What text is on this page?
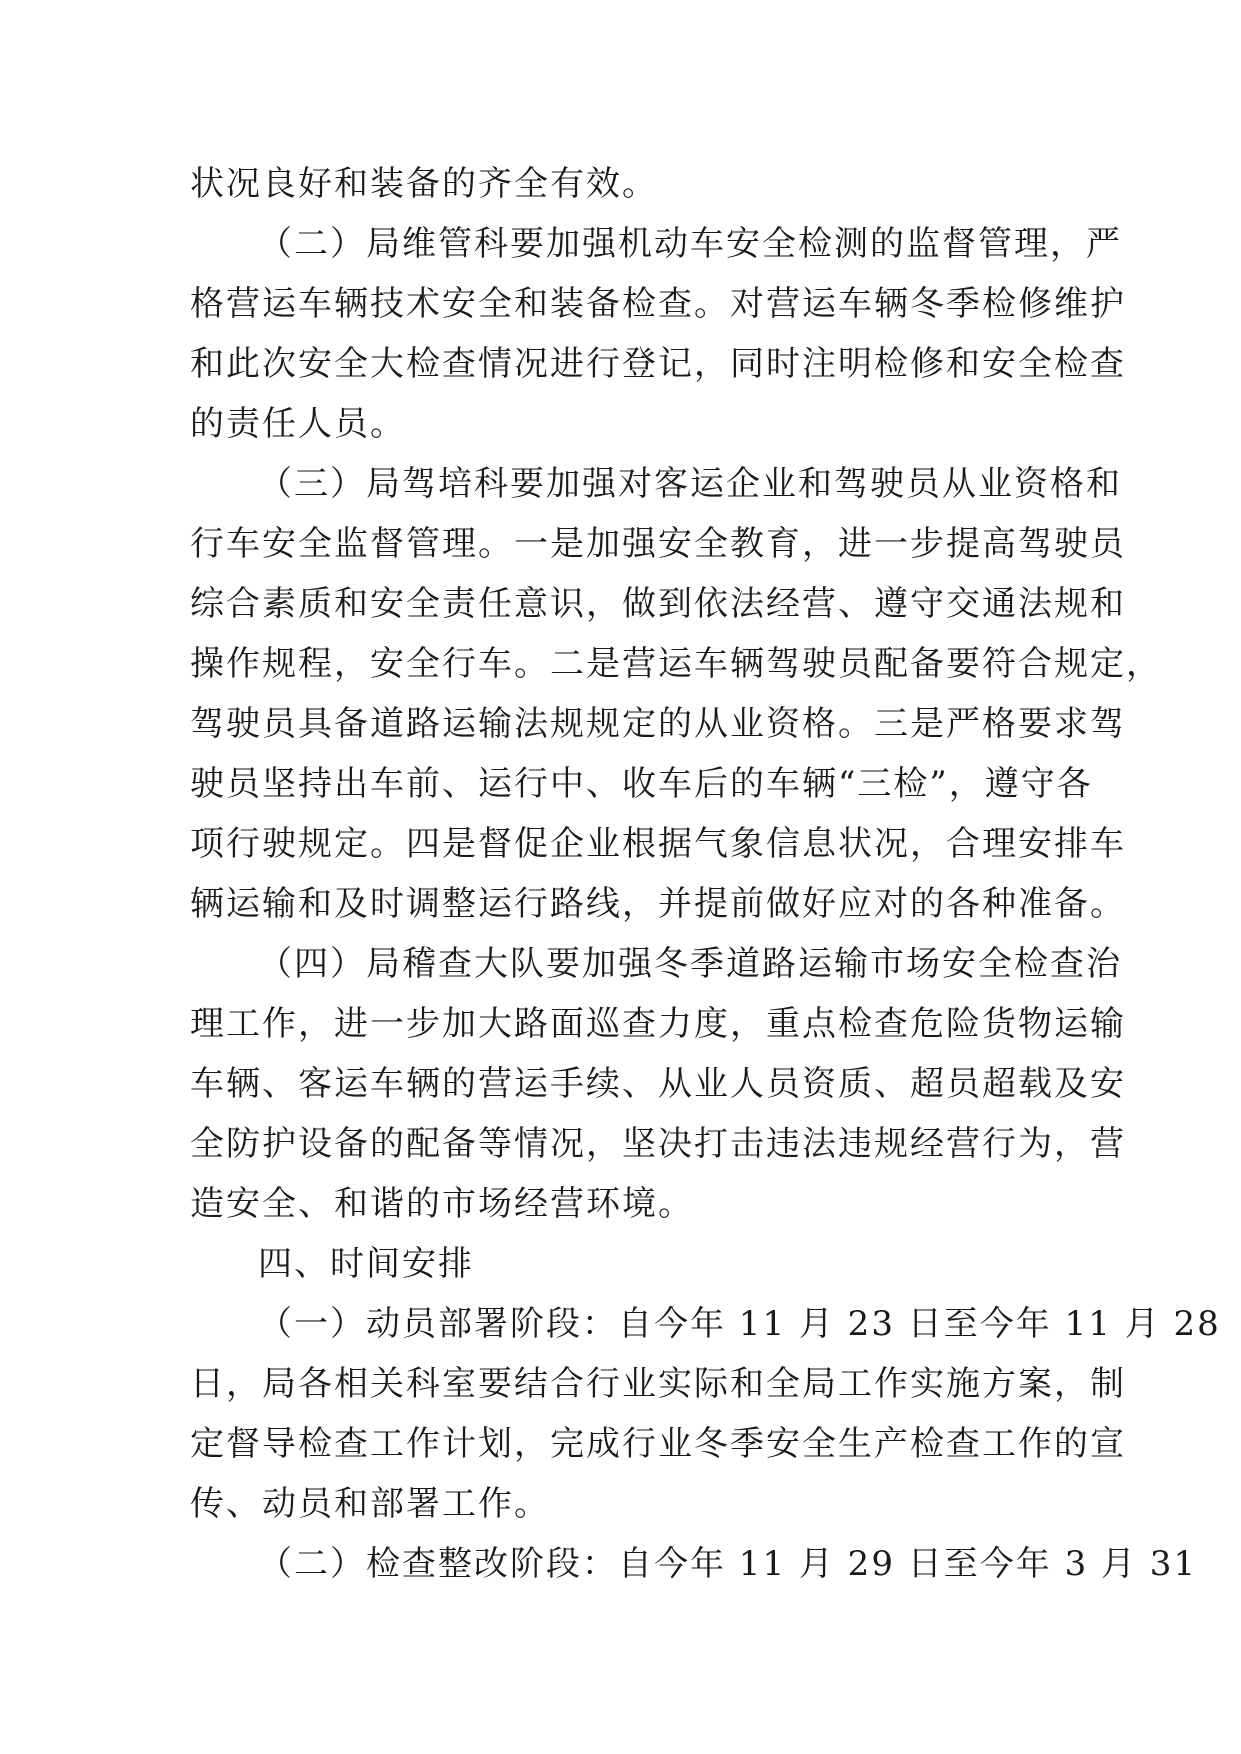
状况良好和装备的齐全有效。
（二）局维管科要加强机动车安全检测的监督管理，严
格营运车辆技术安全和装备检查。对营运车辆冬季检修维护
和此次安全大检查情况进行登记，同时注明检修和安全检查
的责任人员。
（三）局驾培科要加强对客运企业和驾驶员从业资格和
行车安全监督管理。一是加强安全教育，进一步提高驾驶员
综合素质和安全责任意识，做到依法经营、遵守交通法规和
操作规程，安全行车。二是营运车辆驾驶员配备要符合规定，
驾驶员具备道路运输法规规定的从业资格。三是严格要求驾
驶员坚持出车前、运行中、收车后的车辆“三检”，遵守各
项行驶规定。四是督促企业根据气象信息状况，合理安排车
辆运输和及时调整运行路线，并提前做好应对的各种准备。
（四）局稽查大队要加强冬季道路运输市场安全检查治
理工作，进一步加大路面巡查力度，重点检查危险货物运输
车辆、客运车辆的营运手续、从业人员资质、超员超载及安
全防护设备的配备等情况，坚决打击违法违规经营行为，营
造安全、和谐的市场经营环境。
四、时间安排
（一）动员部署阶段：自今年 11 月 23 日至今年 11 月 28
日，局各相关科室要结合行业实际和全局工作实施方案，制
定督导检查工作计划，完成行业冬季安全生产检查工作的宣
传、动员和部署工作。
（二）检查整改阶段：自今年 11 月 29 日至今年 3 月 31
